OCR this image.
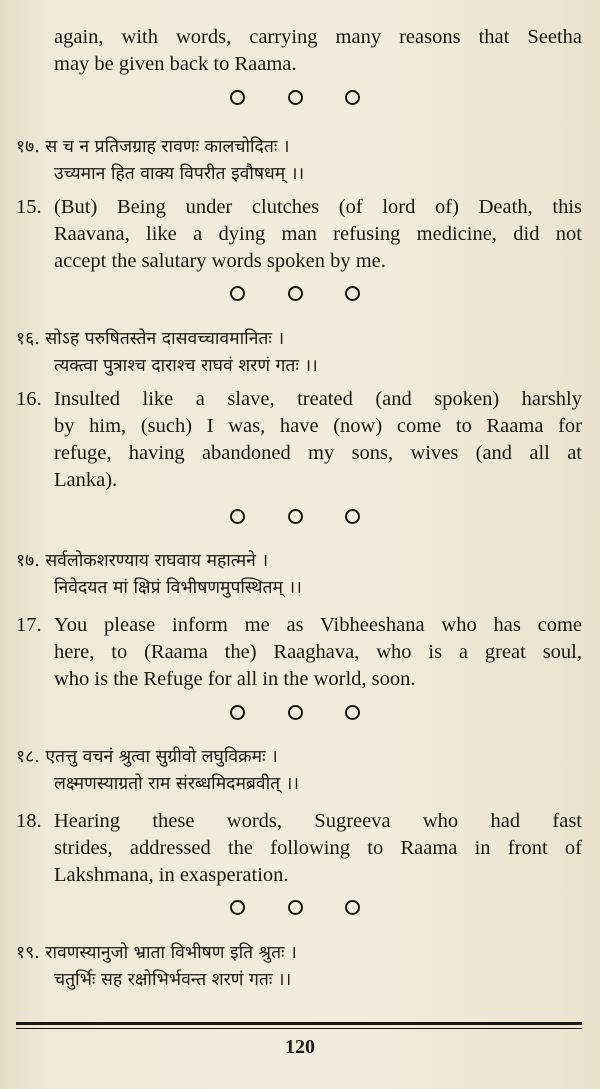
again, with words, carrying many reasons that Seetha
may be given back to Raama.
१७. स च न प्रतिजग्राह रावणः कालचोदितः ।
उच्यमान हित वाक्य विपरीत इवौषधम् ।।
15. (But) Being under clutches (of lord of) Death, this
Raavana, like a dying man refusing medicine, did not
accept the salutary words spoken by me.
१६. सोऽह परुषितस्तेन दासवच्चावमानितः ।
त्यक्त्वा पुत्राश्च दाराश्च राघवं शरणं गतः ।।
16. Insulted like a slave, treated (and spoken) harshly
by him, (such) I was, have (now) come to Raama for
refuge, having abandoned my sons, wives (and all at
Lanka).
१७. सर्वलोकशरण्याय राघवाय महात्मने ।
निवेदयत मां क्षिप्रं विभीषणमुपस्थितम् ।।
17. You please inform me as Vibheeshana who has come
here, to (Raama the) Raaghava, who is a great soul,
who is the Refuge for all in the world, soon.
१८. एतत्तु वचनं श्रुत्वा सुग्रीवो लघुविक्रमः ।
लक्ष्मणस्याग्रतो राम संरब्धमिदमब्रवीत् ।।
18. Hearing these words, Sugreeva who had fast
strides, addressed the following to Raama in front of
Lakshmana, in exasperation.
१९. रावणस्यानुजो भ्राता विभीषण इति श्रुतः ।
चतुर्भिः सह रक्षोभिर्भवन्त शरणं गतः ।।
120
